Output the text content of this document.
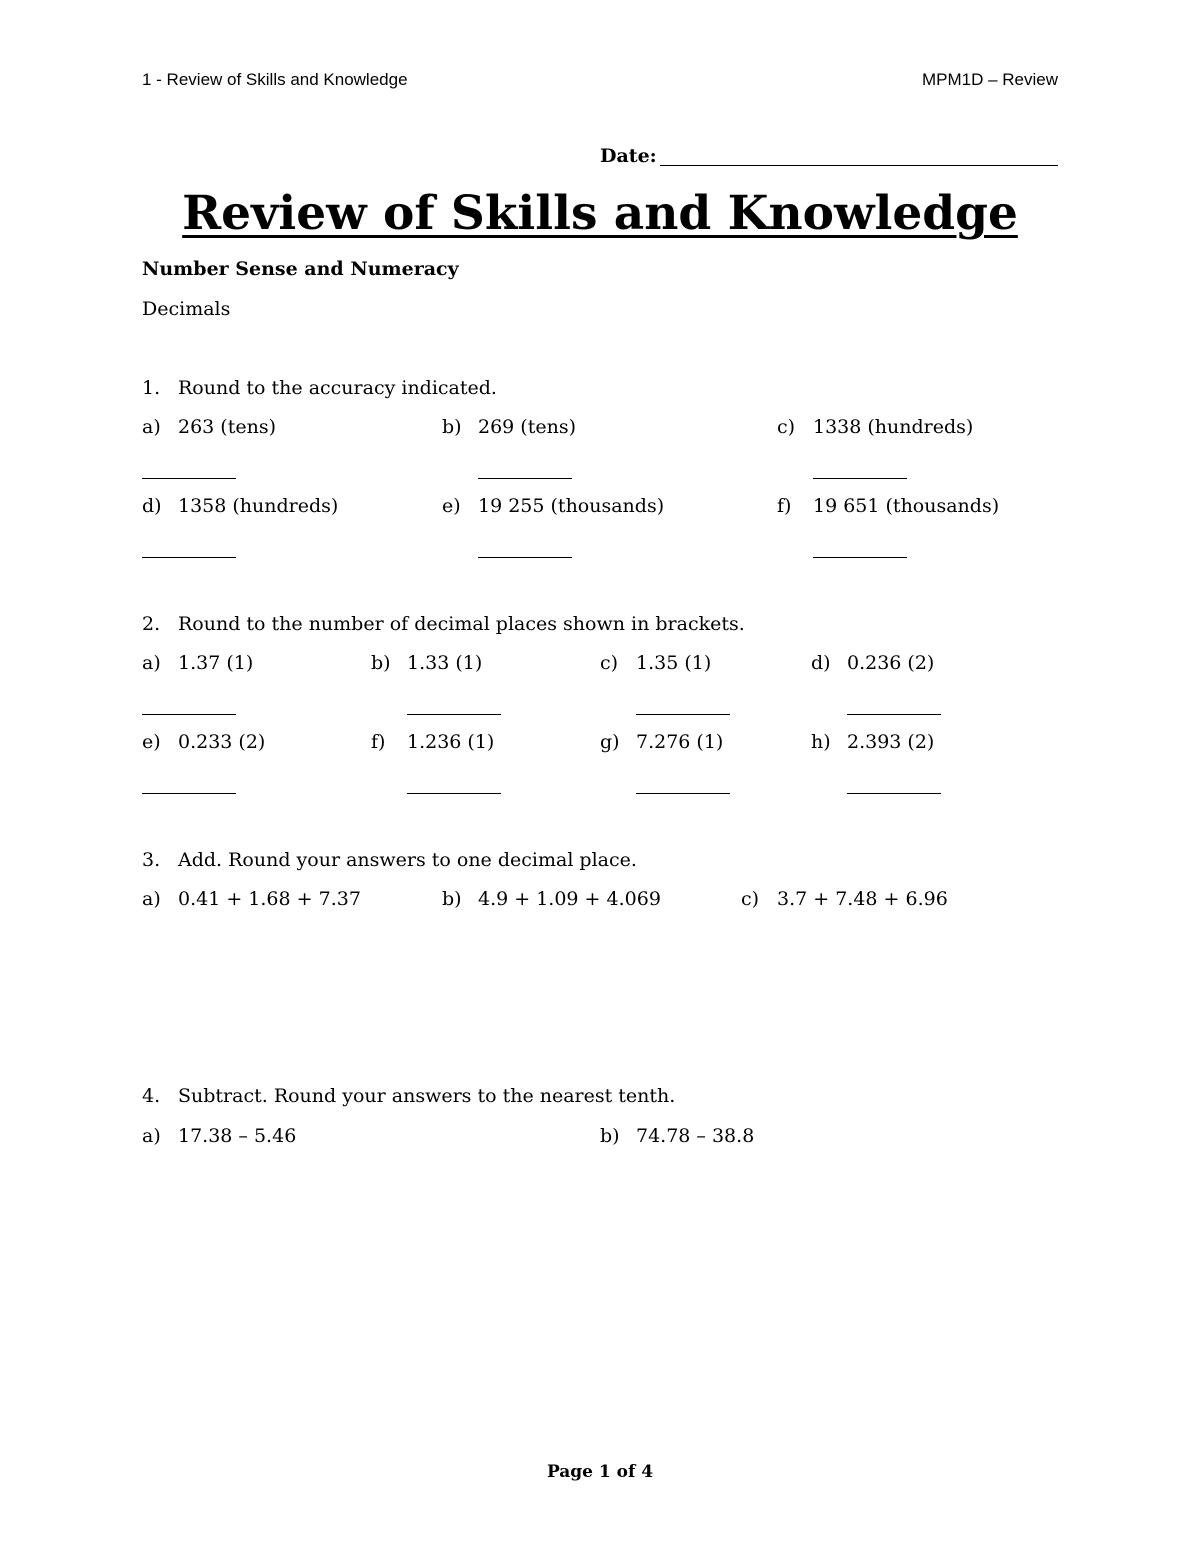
1 - Review of Skills and Knowledge	MPM1D – Review
Date:
Review of Skills and Knowledge
Number Sense and Numeracy
Decimals
1. Round to the accuracy indicated.
a) 263 (tens)	b) 269 (tens)	c) 1338 (hundreds)
d) 1358 (hundreds)	e) 19 255 (thousands)	f)	19 651 (thousands)
2. Round to the number of decimal places shown in brackets.
a) 1.37 (1)	b) 1.33 (1)	c) 1.35 (1)	d) 0.236 (2)
e) 0.233 (2)	f)	1.236 (1)	g) 7.276 (1)	h) 2.393 (2)
3. Add. Round your answers to one decimal place.
a) 0.41 + 1.68 + 7.37	b) 4.9 + 1.09 + 4.069	c) 3.7 + 7.48 + 6.96
4. Subtract. Round your answers to the nearest tenth.
a) 17.38 – 5.46	b) 74.78 – 38.8
Page 1 of 4
